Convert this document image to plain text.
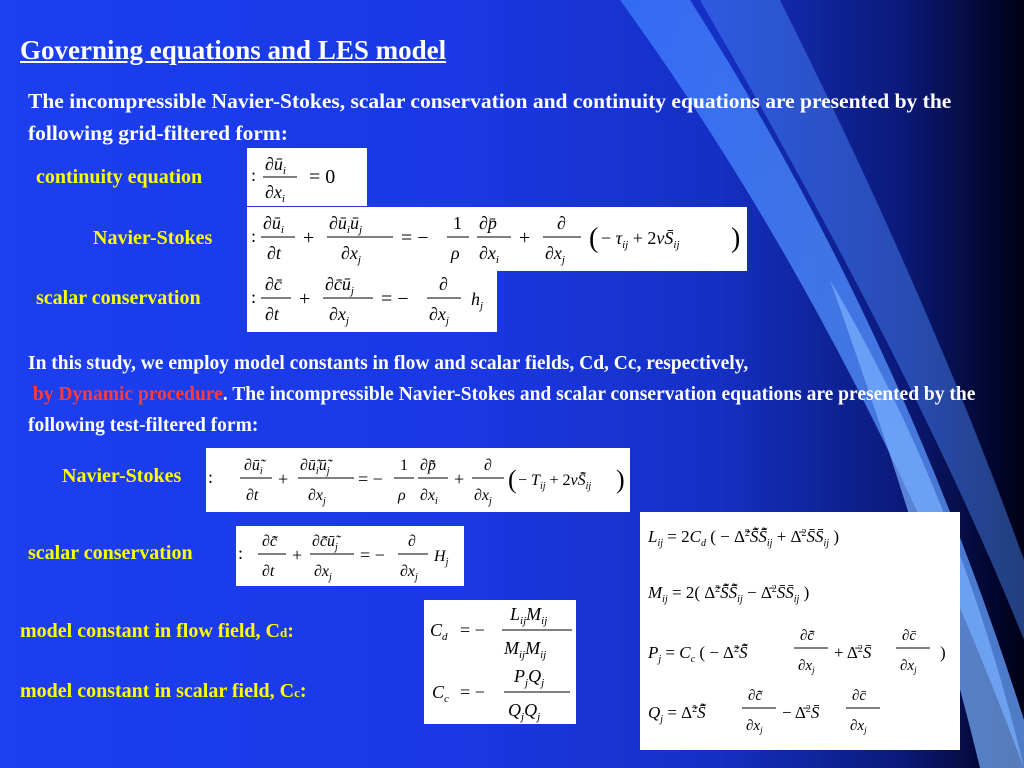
Governing equations and LES model
The incompressible Navier-Stokes, scalar conservation and continuity equations are presented by the following grid-filtered form:
continuity equation
Navier-Stokes
scalar conservation
:
$\partial ū_i$
$\partial x_i$
= 0
:
$\partial ū_i$
∂t
+
$\partial ū_iū_j$
$\partial x_j$
= −
1
ρ
∂p̄
$\partial x_i$
+
∂
$\partial x_j$
( − $\tau_{ij}$ + $2\nu S̄_{ij}$ )
:
∂c̄
∂t
+
$\partial c̄ū_j$
$\partial x_j$
= −
∂
$\partial x_j$
$h_j$
In this study, we employ model constants in flow and scalar fields, Cd, Cc, respectively,
by Dynamic procedure. The incompressible Navier-Stokes and scalar conservation equations are presented by the following test-filtered form:
Navier-Stokes
scalar conservation
:
$\partial ū̃_i$
∂t
+
$\partial ū̃_iū̃_j$
$\partial x_j$
= −
1
ρ
∂p̃̄
$\partial x_i$
+
∂
$\partial x_j$
( − $T_{ij}$ + $2\nu S̃̄_{ij}$ )
:
∂c̃̄
∂t
+
$\partial c̃̄ū̃_j$
$\partial x_j$
= −
∂
$\partial x_j$
$H_j$
model constant in flow field, Cd:
model constant in scalar field, Cc:
$C_d$ = −
$L_{ij}M_{ij}$
$M_{ij}M_{ij}$
$C_c$ = −
$P_jQ_j$
$Q_jQ_j$
$L_{ij} = 2C_d$ ( − $\Deltã^2S̃̄S̃̄_{ij}$ + $\Deltā^2S̄S̄_{ij}$ )
$M_{ij} = 2$( $\Deltã^2S̃̄S̃̄_{ij}$ − $\Deltā^2S̄S̄_{ij}$ )
$P_j = C_c$ ( − Δ̃$^2$S̃̄
∂c̃̄
$\partial x_j$
+ Δ̄$^2$S̄
∂c̄
$\partial x_j$
)
$Q_j$ = Δ̃$^2$S̃̄
∂c̃̄
$\partial x_j$
− Δ̄$^2$S̄
∂c̄
$\partial x_j$
